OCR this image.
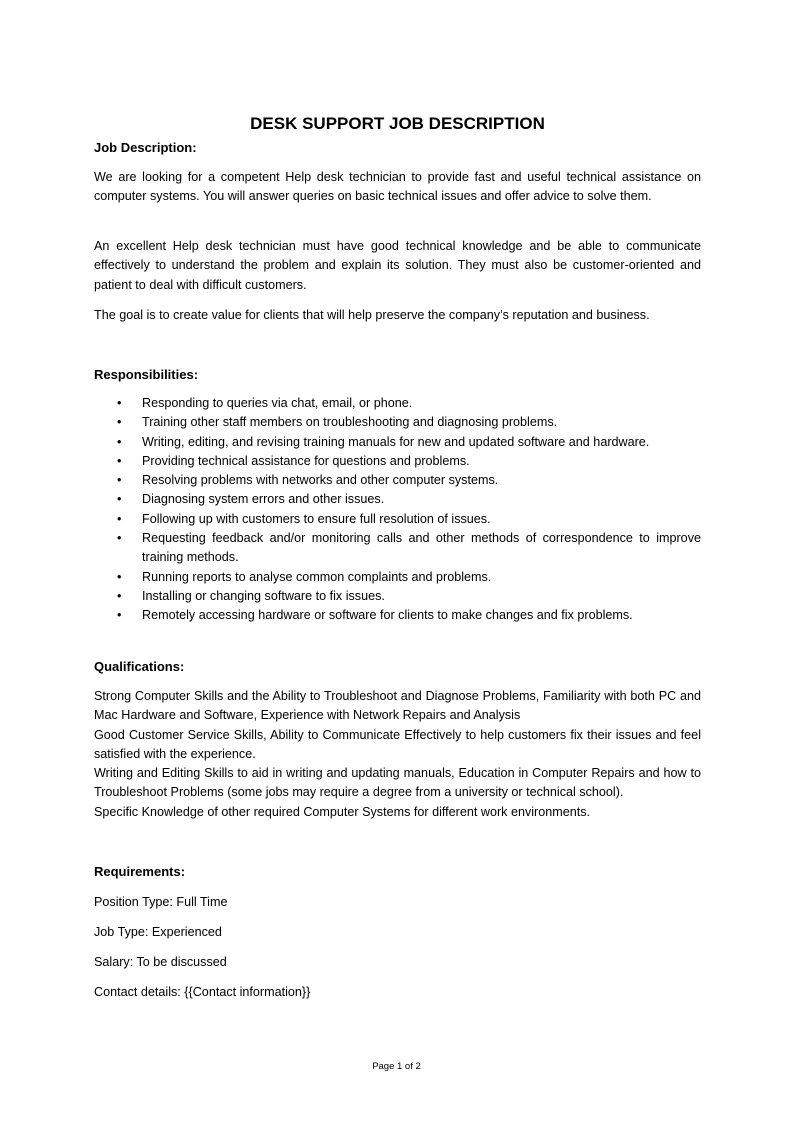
DESK SUPPORT JOB DESCRIPTION
Job Description:
We are looking for a competent Help desk technician to provide fast and useful technical assistance on computer systems. You will answer queries on basic technical issues and offer advice to solve them.
An excellent Help desk technician must have good technical knowledge and be able to communicate effectively to understand the problem and explain its solution. They must also be customer-oriented and patient to deal with difficult customers.
The goal is to create value for clients that will help preserve the company’s reputation and business.
Responsibilities:
• Responding to queries via chat, email, or phone.
• Training other staff members on troubleshooting and diagnosing problems.
• Writing, editing, and revising training manuals for new and updated software and hardware.
• Providing technical assistance for questions and problems.
• Resolving problems with networks and other computer systems.
• Diagnosing system errors and other issues.
• Following up with customers to ensure full resolution of issues.
• Requesting feedback and/or monitoring calls and other methods of correspondence to improve training methods.
• Running reports to analyse common complaints and problems.
• Installing or changing software to fix issues.
• Remotely accessing hardware or software for clients to make changes and fix problems.
Qualifications:
Strong Computer Skills and the Ability to Troubleshoot and Diagnose Problems, Familiarity with both PC and Mac Hardware and Software, Experience with Network Repairs and Analysis
Good Customer Service Skills, Ability to Communicate Effectively to help customers fix their issues and feel satisfied with the experience.
Writing and Editing Skills to aid in writing and updating manuals, Education in Computer Repairs and how to Troubleshoot Problems (some jobs may require a degree from a university or technical school).
Specific Knowledge of other required Computer Systems for different work environments.
Requirements:
Position Type: Full Time
Job Type: Experienced
Salary: To be discussed
Contact details: {{Contact information}}
Page 1 of 2
